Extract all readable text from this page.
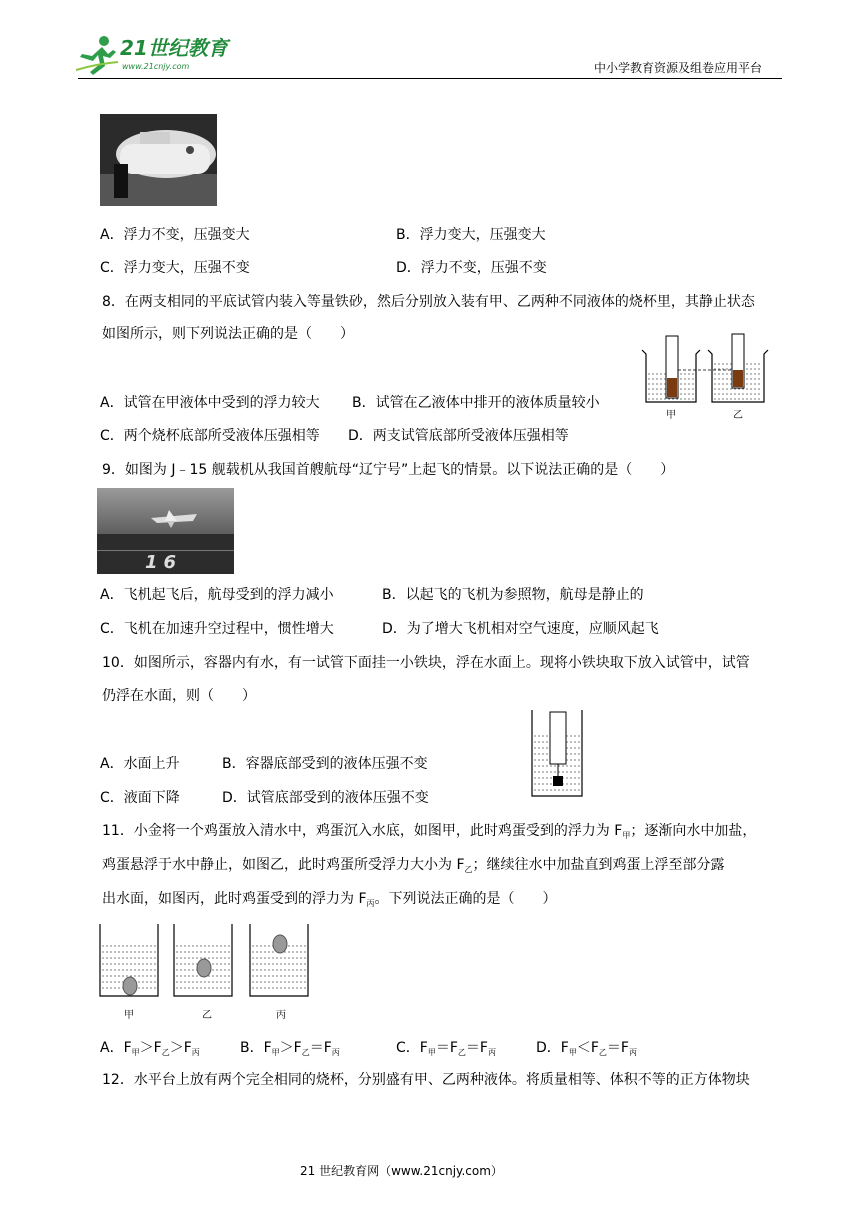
21世纪教育
www.21cnjy.com	中小学教育资源及组卷应用平台
A．浮力不变，压强变大	B．浮力变大，压强变大
C．浮力变大，压强不变	D．浮力不变，压强不变
8．在两支相同的平底试管内装入等量铁砂，然后分别放入装有甲、乙两种不同液体的烧杯里，其静止状态
如图所示，则下列说法正确的是（　　）
甲	乙
A．试管在甲液体中受到的浮力较大 B．试管在乙液体中排开的液体质量较小
C．两个烧杯底部所受液体压强相等 D．两支试管底部所受液体压强相等
9．如图为 J﹣15 舰载机从我国首艘航母“辽宁号”上起飞的情景。以下说法正确的是（　　）
16
A．飞机起飞后，航母受到的浮力减小	B．以起飞的飞机为参照物，航母是静止的
C．飞机在加速升空过程中，惯性增大	D．为了增大飞机相对空气速度，应顺风起飞
10．如图所示，容器内有水，有一试管下面挂一小铁块，浮在水面上。现将小铁块取下放入试管中，试管
仍浮在水面，则（　　）
A．水面上升	B．容器底部受到的液体压强不变
C．液面下降	D．试管底部受到的液体压强不变
11．小金将一个鸡蛋放入清水中，鸡蛋沉入水底，如图甲，此时鸡蛋受到的浮力为 $F_甲$；逐渐向水中加盐，
鸡蛋悬浮于水中静止，如图乙，此时鸡蛋所受浮力大小为 $F_乙$；继续往水中加盐直到鸡蛋上浮至部分露
出水面，如图丙，此时鸡蛋受到的浮力为 $F_丙$。下列说法正确的是（　　）
甲	乙	丙
A．$F_甲>F_乙>F_丙$	B．$F_甲>F_乙=F_丙$	C．$F_甲=F_乙=F_丙$	D．$F_甲<F_乙=F_丙$
12．水平台上放有两个完全相同的烧杯，分别盛有甲、乙两种液体。将质量相等、体积不等的正方体物块
21 世纪教育网（www.21cnjy.com）
